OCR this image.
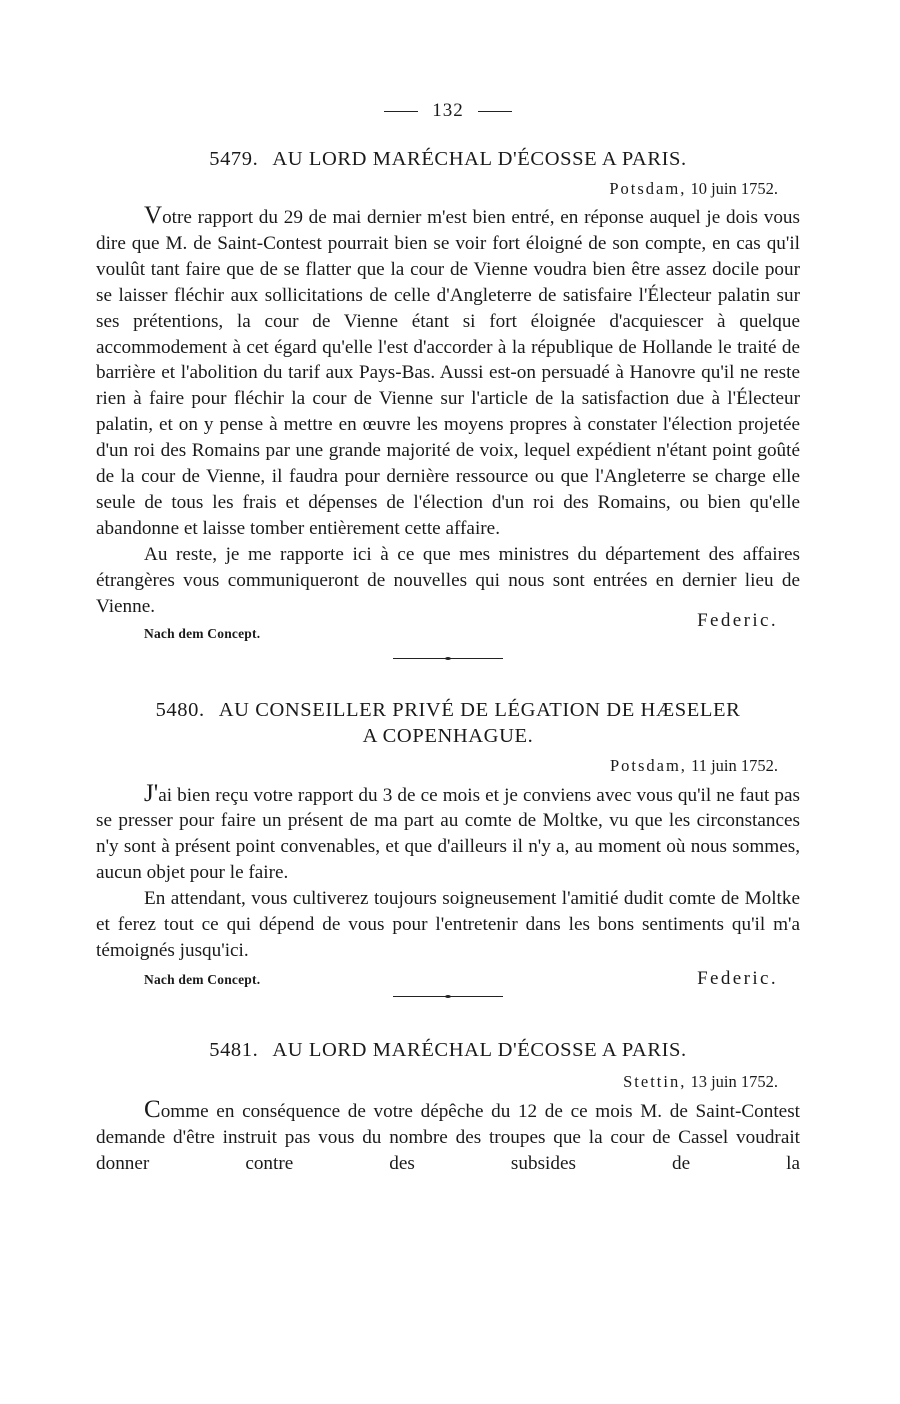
132
5479. AU LORD MARÉCHAL D'ÉCOSSE A PARIS.
Potsdam, 10 juin 1752.

Votre rapport du 29 de mai dernier m'est bien entré, en réponse auquel je dois vous dire que M. de Saint-Contest pourrait bien se voir fort éloigné de son compte, en cas qu'il voulût tant faire que de se flatter que la cour de Vienne voudra bien être assez docile pour se laisser fléchir aux sollicitations de celle d'Angleterre de satisfaire l'Électeur palatin sur ses prétentions, la cour de Vienne étant si fort éloignée d'acquiescer à quelque accommodement à cet égard qu'elle l'est d'accorder à la république de Hollande le traité de barrière et l'abolition du tarif aux Pays-Bas. Aussi est-on persuadé à Hanovre qu'il ne reste rien à faire pour fléchir la cour de Vienne sur l'article de la satisfaction due à l'Électeur palatin, et on y pense à mettre en œuvre les moyens propres à constater l'élection projetée d'un roi des Romains par une grande majorité de voix, lequel expédient n'étant point goûté de la cour de Vienne, il faudra pour dernière ressource ou que l'Angleterre se charge elle seule de tous les frais et dépenses de l'élection d'un roi des Romains, ou bien qu'elle abandonne et laisse tomber entièrement cette affaire.

Au reste, je me rapporte ici à ce que mes ministres du département des affaires étrangères vous communiqueront de nouvelles qui nous sont entrées en dernier lieu de Vienne.

Federic.
Nach dem Concept.
5480. AU CONSEILLER PRIVÉ DE LÉGATION DE HÆSELER
A COPENHAGUE.
Potsdam, 11 juin 1752.

J'ai bien reçu votre rapport du 3 de ce mois et je conviens avec vous qu'il ne faut pas se presser pour faire un présent de ma part au comte de Moltke, vu que les circonstances n'y sont à présent point convenables, et que d'ailleurs il n'y a, au moment où nous sommes, aucun objet pour le faire.

En attendant, vous cultiverez toujours soigneusement l'amitié dudit comte de Moltke et ferez tout ce qui dépend de vous pour l'entretenir dans les bons sentiments qu'il m'a témoignés jusqu'ici.

Nach dem Concept.	Federic.
5481. AU LORD MARÉCHAL D'ÉCOSSE A PARIS.
Stettin, 13 juin 1752.

Comme en conséquence de votre dépêche du 12 de ce mois M. de Saint-Contest demande d'être instruit pas vous du nombre des troupes que la cour de Cassel voudrait donner contre des subsides de la
